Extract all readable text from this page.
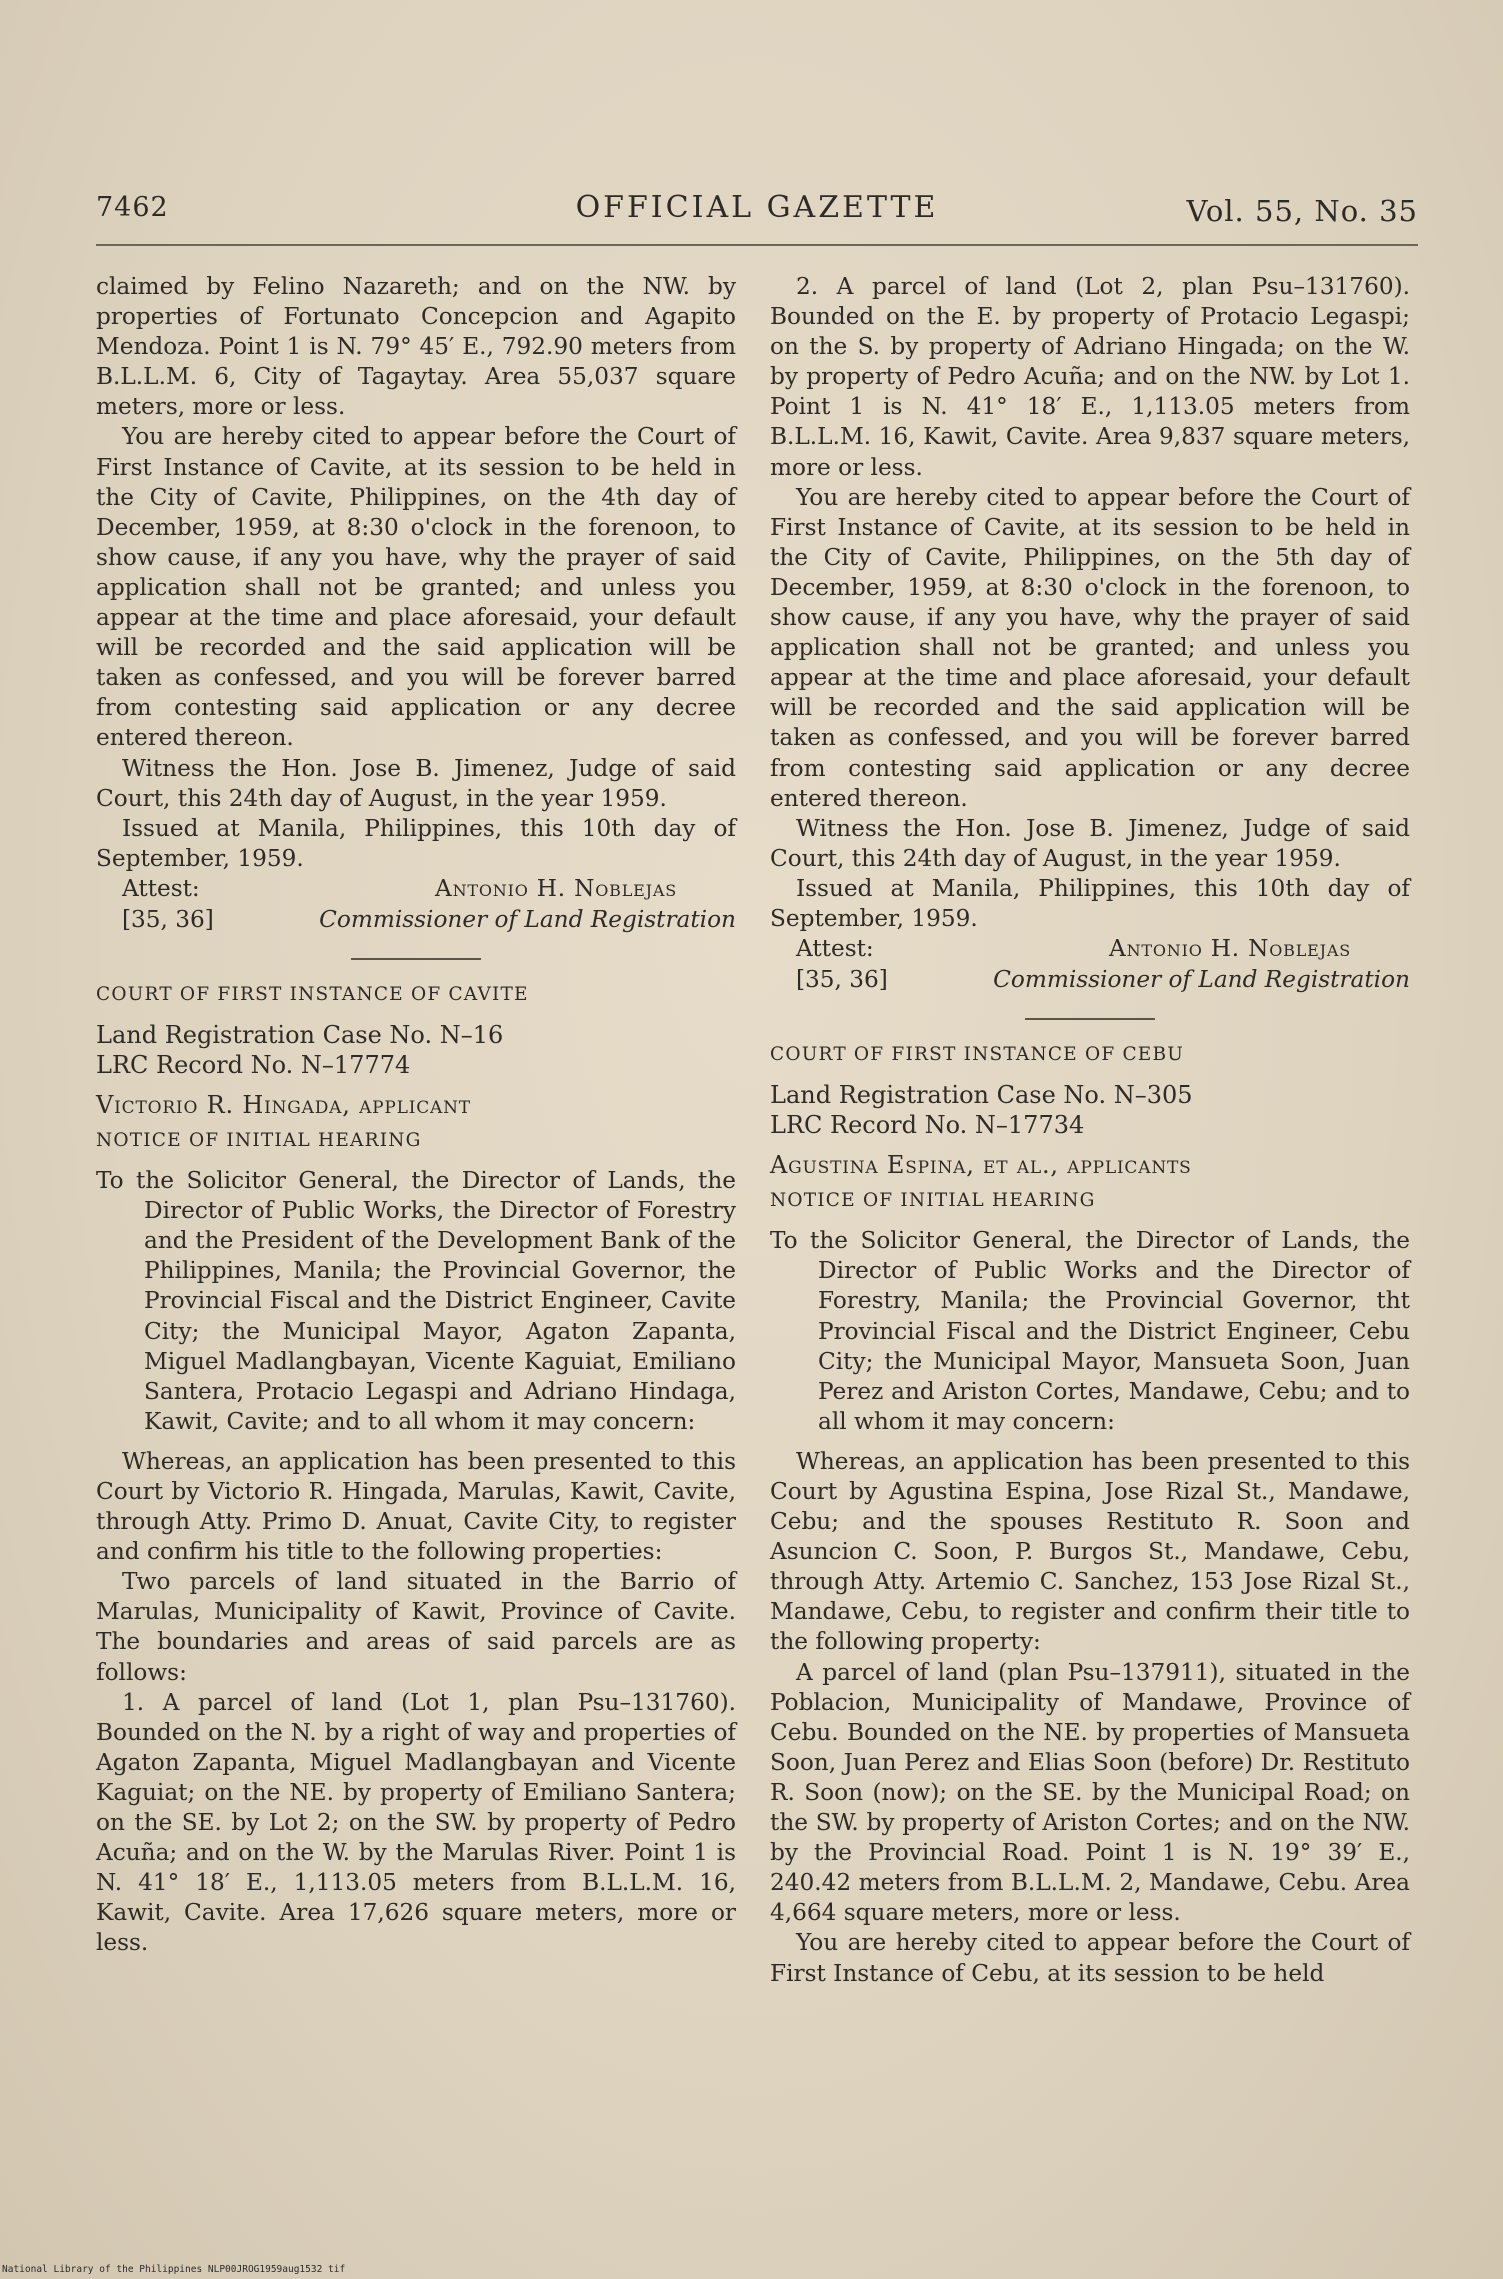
7462	OFFICIAL GAZETTE	Vol. 55, No. 35

claimed by Felino Nazareth; and on the NW. by properties of Fortunato Concepcion and Agapito Mendoza. Point 1 is N. 79° 45′ E., 792.90 meters from B.L.L.M. 6, City of Tagaytay. Area 55,037 square meters, more or less.

You are hereby cited to appear before the Court of First Instance of Cavite, at its session to be held in the City of Cavite, Philippines, on the 4th day of December, 1959, at 8:30 o'clock in the forenoon, to show cause, if any you have, why the prayer of said application shall not be granted; and unless you appear at the time and place aforesaid, your default will be recorded and the said application will be taken as confessed, and you will be forever barred from contesting said application or any decree entered thereon.

Witness the Hon. Jose B. Jimenez, Judge of said Court, this 24th day of August, in the year 1959.

Issued at Manila, Philippines, this 10th day of September, 1959.

Attest:	Antonio H. Noblejas
[35, 36]	Commissioner of Land Registration

COURT OF FIRST INSTANCE OF CAVITE

Land Registration Case No. N–16

LRC Record No. N–17774

Victorio R. Hingada, applicant

NOTICE OF INITIAL HEARING

To the Solicitor General, the Director of Lands, the Director of Public Works, the Director of Forestry and the President of the Development Bank of the Philippines, Manila; the Provincial Governor, the Provincial Fiscal and the District Engineer, Cavite City; the Municipal Mayor, Agaton Zapanta, Miguel Madlangbayan, Vicente Kaguiat, Emiliano Santera, Protacio Legaspi and Adriano Hindaga, Kawit, Cavite; and to all whom it may concern:

Whereas, an application has been presented to this Court by Victorio R. Hingada, Marulas, Kawit, Cavite, through Atty. Primo D. Anuat, Cavite City, to register and confirm his title to the following properties:

Two parcels of land situated in the Barrio of Marulas, Municipality of Kawit, Province of Cavite. The boundaries and areas of said parcels are as follows:

1. A parcel of land (Lot 1, plan Psu–131760). Bounded on the N. by a right of way and properties of Agaton Zapanta, Miguel Madlangbayan and Vicente Kaguiat; on the NE. by property of Emiliano Santera; on the SE. by Lot 2; on the SW. by property of Pedro Acuña; and on the W. by the Marulas River. Point 1 is N. 41° 18′ E., 1,113.05 meters from B.L.L.M. 16, Kawit, Cavite. Area 17,626 square meters, more or less.

2. A parcel of land (Lot 2, plan Psu–131760). Bounded on the E. by property of Protacio Legaspi; on the S. by property of Adriano Hingada; on the W. by property of Pedro Acuña; and on the NW. by Lot 1. Point 1 is N. 41° 18′ E., 1,113.05 meters from B.L.L.M. 16, Kawit, Cavite. Area 9,837 square meters, more or less.

You are hereby cited to appear before the Court of First Instance of Cavite, at its session to be held in the City of Cavite, Philippines, on the 5th day of December, 1959, at 8:30 o'clock in the forenoon, to show cause, if any you have, why the prayer of said application shall not be granted; and unless you appear at the time and place aforesaid, your default will be recorded and the said application will be taken as confessed, and you will be forever barred from contesting said application or any decree entered thereon.

Witness the Hon. Jose B. Jimenez, Judge of said Court, this 24th day of August, in the year 1959.

Issued at Manila, Philippines, this 10th day of September, 1959.

Attest:	Antonio H. Noblejas
[35, 36]	Commissioner of Land Registration

COURT OF FIRST INSTANCE OF CEBU

Land Registration Case No. N–305

LRC Record No. N–17734

Agustina Espina, et al., applicants

NOTICE OF INITIAL HEARING

To the Solicitor General, the Director of Lands, the Director of Public Works and the Director of Forestry, Manila; the Provincial Governor, tht Provincial Fiscal and the District Engineer, Cebu City; the Municipal Mayor, Mansueta Soon, Juan Perez and Ariston Cortes, Mandawe, Cebu; and to all whom it may concern:

Whereas, an application has been presented to this Court by Agustina Espina, Jose Rizal St., Mandawe, Cebu; and the spouses Restituto R. Soon and Asuncion C. Soon, P. Burgos St., Mandawe, Cebu, through Atty. Artemio C. Sanchez, 153 Jose Rizal St., Mandawe, Cebu, to register and confirm their title to the following property:

A parcel of land (plan Psu–137911), situated in the Poblacion, Municipality of Mandawe, Province of Cebu. Bounded on the NE. by properties of Mansueta Soon, Juan Perez and Elias Soon (before) Dr. Restituto R. Soon (now); on the SE. by the Municipal Road; on the SW. by property of Ariston Cortes; and on the NW. by the Provincial Road. Point 1 is N. 19° 39′ E., 240.42 meters from B.L.L.M. 2, Mandawe, Cebu. Area 4,664 square meters, more or less.

You are hereby cited to appear before the Court of First Instance of Cebu, at its session to be held

National Library of the Philippines NLP00JROG1959aug1532 tif
